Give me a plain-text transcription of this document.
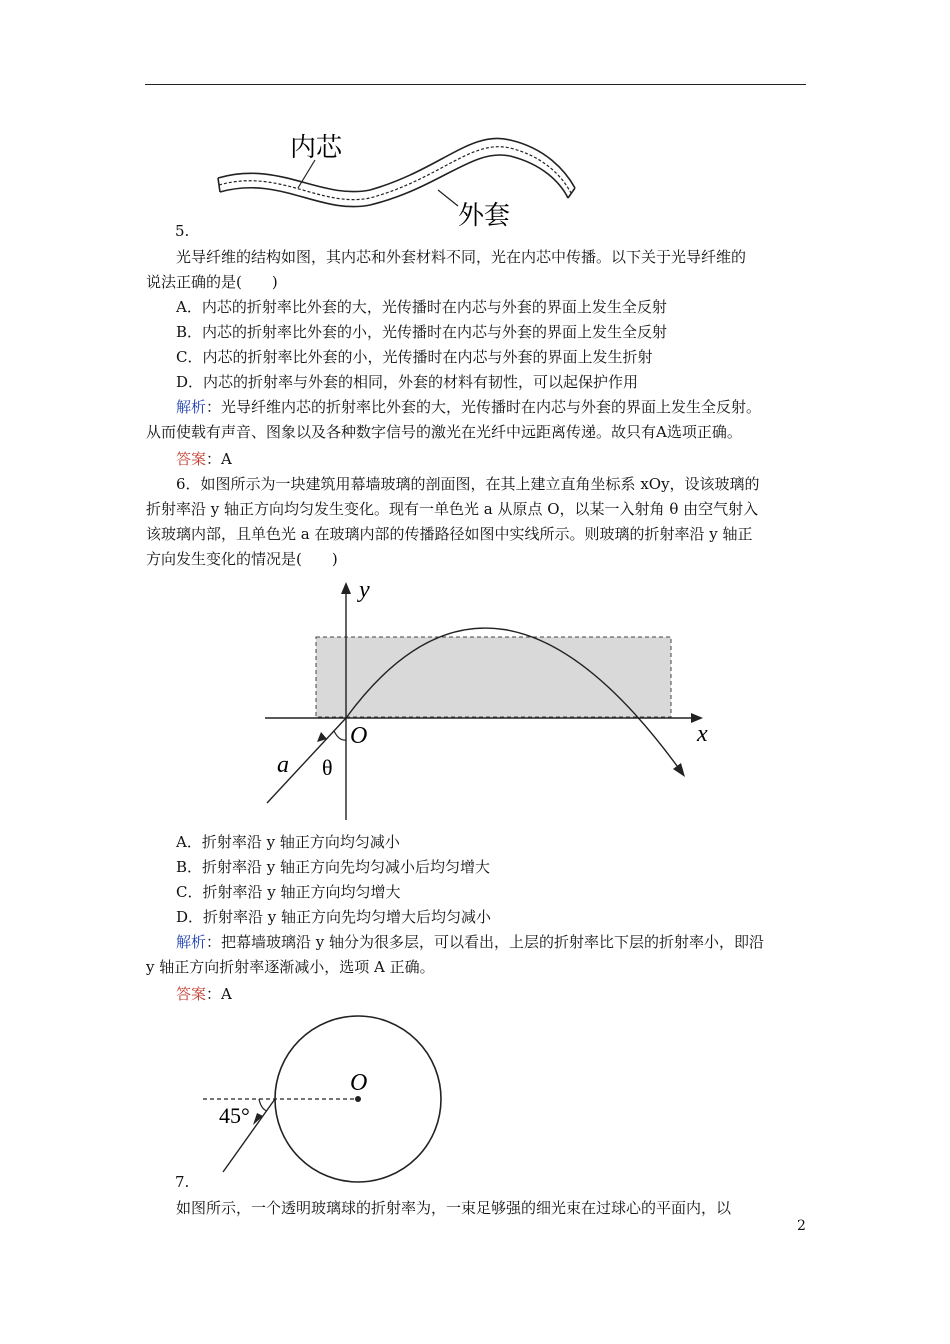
内芯
外套
5.
光导纤维的结构如图，其内芯和外套材料不同，光在内芯中传播。以下关于光导纤维的
说法正确的是(　　)
A．内芯的折射率比外套的大，光传播时在内芯与外套的界面上发生全反射
B．内芯的折射率比外套的小，光传播时在内芯与外套的界面上发生全反射
C．内芯的折射率比外套的小，光传播时在内芯与外套的界面上发生折射
D．内芯的折射率与外套的相同，外套的材料有韧性，可以起保护作用
解析：光导纤维内芯的折射率比外套的大，光传播时在内芯与外套的界面上发生全反射。
从而使载有声音、图象以及各种数字信号的激光在光纤中远距离传递。故只有A选项正确。
答案：A
6．如图所示为一块建筑用幕墙玻璃的剖面图，在其上建立直角坐标系 xOy，设该玻璃的
折射率沿 y 轴正方向均匀发生变化。现有一单色光 a 从原点 O，以某一入射角 θ 由空气射入
该玻璃内部，且单色光 a 在玻璃内部的传播路径如图中实线所示。则玻璃的折射率沿 y 轴正
方向发生变化的情况是(　　)
y
x
O
a θ
A．折射率沿 y 轴正方向均匀减小
B．折射率沿 y 轴正方向先均匀减小后均匀增大
C．折射率沿 y 轴正方向均匀增大
D．折射率沿 y 轴正方向先均匀增大后均匀减小
解析：把幕墙玻璃沿 y 轴分为很多层，可以看出，上层的折射率比下层的折射率小，即沿
y 轴正方向折射率逐渐减小，选项 A 正确。
答案：A
O
45°
7.
如图所示，一个透明玻璃球的折射率为，一束足够强的细光束在过球心的平面内，以
2
